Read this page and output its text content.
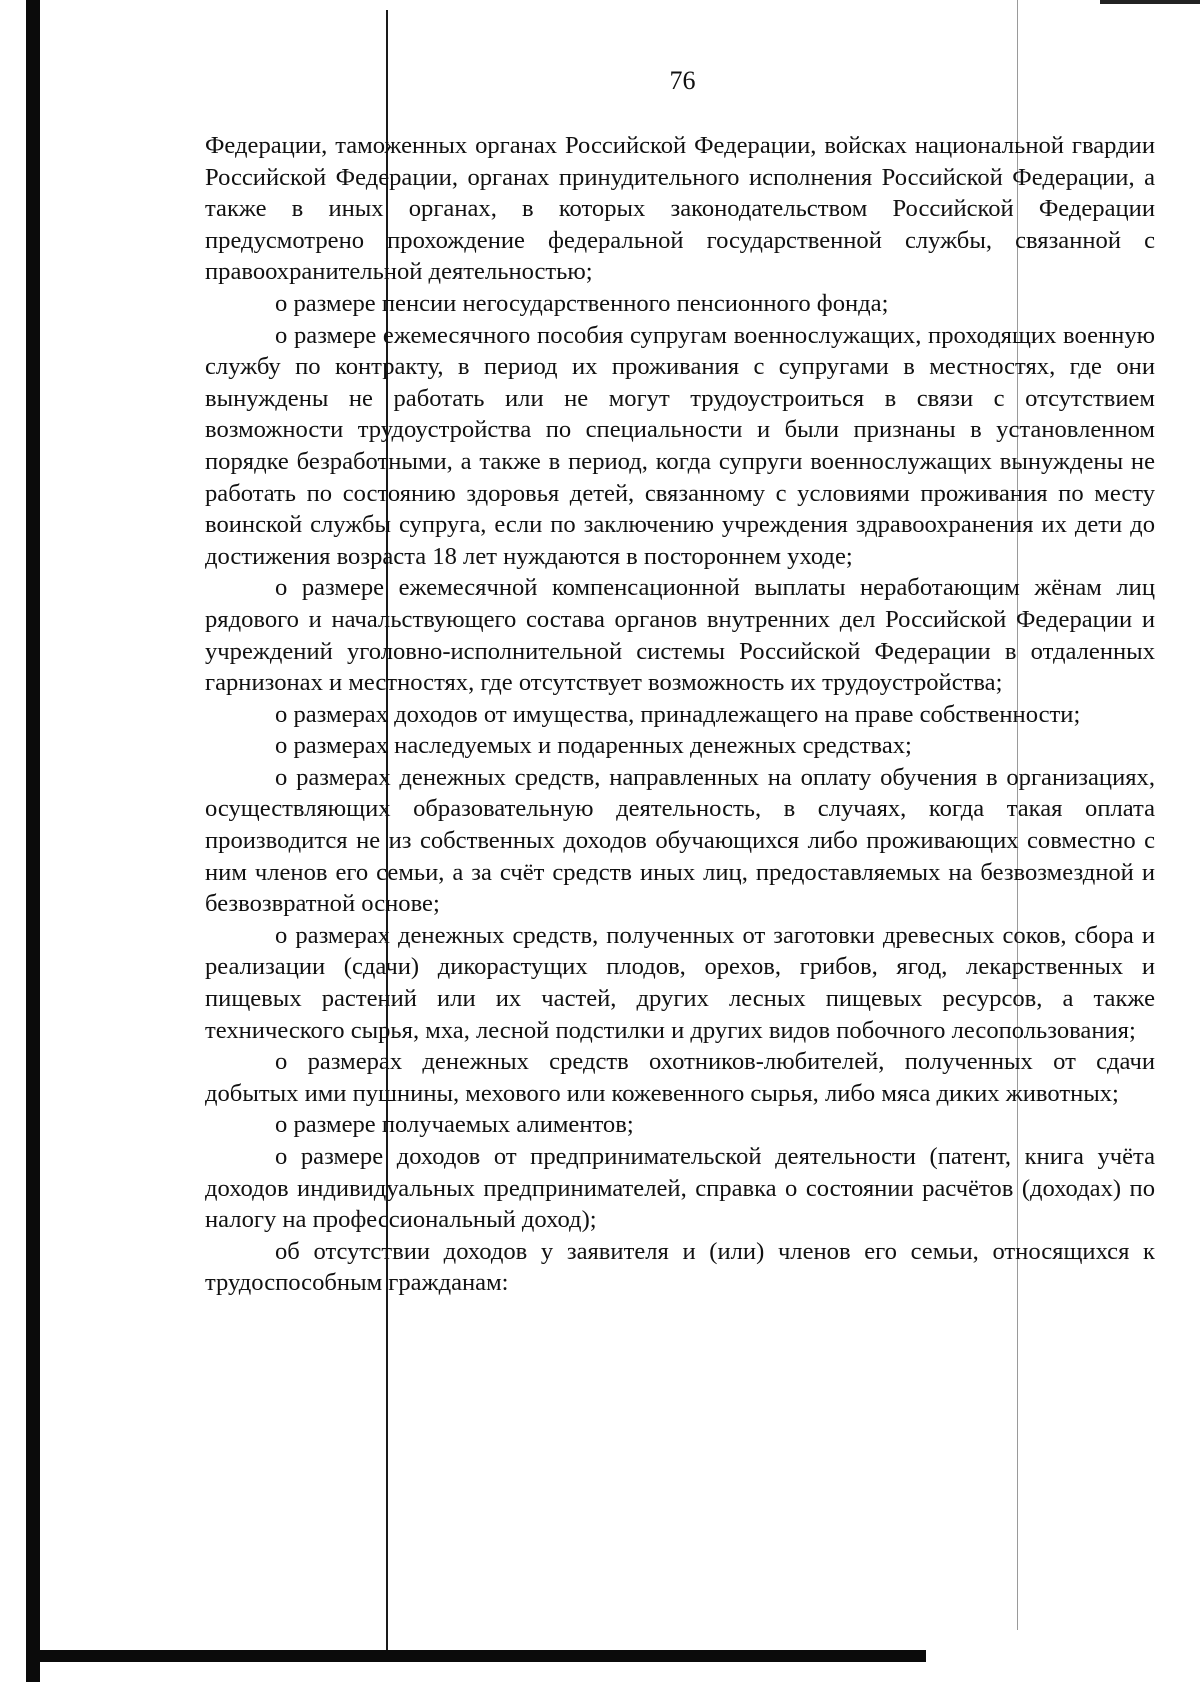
76

Федерации, таможенных органах Российской Федерации, войсках национальной гвардии Российской Федерации, органах принудительного исполнения Российской Федерации, а также в иных органах, в которых законодательством Российской Федерации предусмотрено прохождение федеральной государственной службы, связанной с правоохранительной деятельностью;

о размере пенсии негосударственного пенсионного фонда;

о размере ежемесячного пособия супругам военнослужащих, проходящих военную службу по контракту, в период их проживания с супругами в местностях, где они вынуждены не работать или не могут трудоустроиться в связи с отсутствием возможности трудоустройства по специальности и были признаны в установленном порядке безработными, а также в период, когда супруги военнослужащих вынуждены не работать по состоянию здоровья детей, связанному с условиями проживания по месту воинской службы супруга, если по заключению учреждения здравоохранения их дети до достижения возраста 18 лет нуждаются в постороннем уходе;

о размере ежемесячной компенсационной выплаты неработающим жёнам лиц рядового и начальствующего состава органов внутренних дел Российской Федерации и учреждений уголовно-исполнительной системы Российской Федерации в отдаленных гарнизонах и местностях, где отсутствует возможность их трудоустройства;

о размерах доходов от имущества, принадлежащего на праве собственности;

о размерах наследуемых и подаренных денежных средствах;

о размерах денежных средств, направленных на оплату обучения в организациях, осуществляющих образовательную деятельность, в случаях, когда такая оплата производится не из собственных доходов обучающихся либо проживающих совместно с ним членов его семьи, а за счёт средств иных лиц, предоставляемых на безвозмездной и безвозвратной основе;

о размерах денежных средств, полученных от заготовки древесных соков, сбора и реализации (сдачи) дикорастущих плодов, орехов, грибов, ягод, лекарственных и пищевых растений или их частей, других лесных пищевых ресурсов, а также технического сырья, мха, лесной подстилки и других видов побочного лесопользования;

о размерах денежных средств охотников-любителей, полученных от сдачи добытых ими пушнины, мехового или кожевенного сырья, либо мяса диких животных;

о размере получаемых алиментов;

о размере доходов от предпринимательской деятельности (патент, книга учёта доходов индивидуальных предпринимателей, справка о состоянии расчётов (доходах) по налогу на профессиональный доход);

об отсутствии доходов у заявителя и (или) членов его семьи, относящихся к трудоспособным гражданам:
